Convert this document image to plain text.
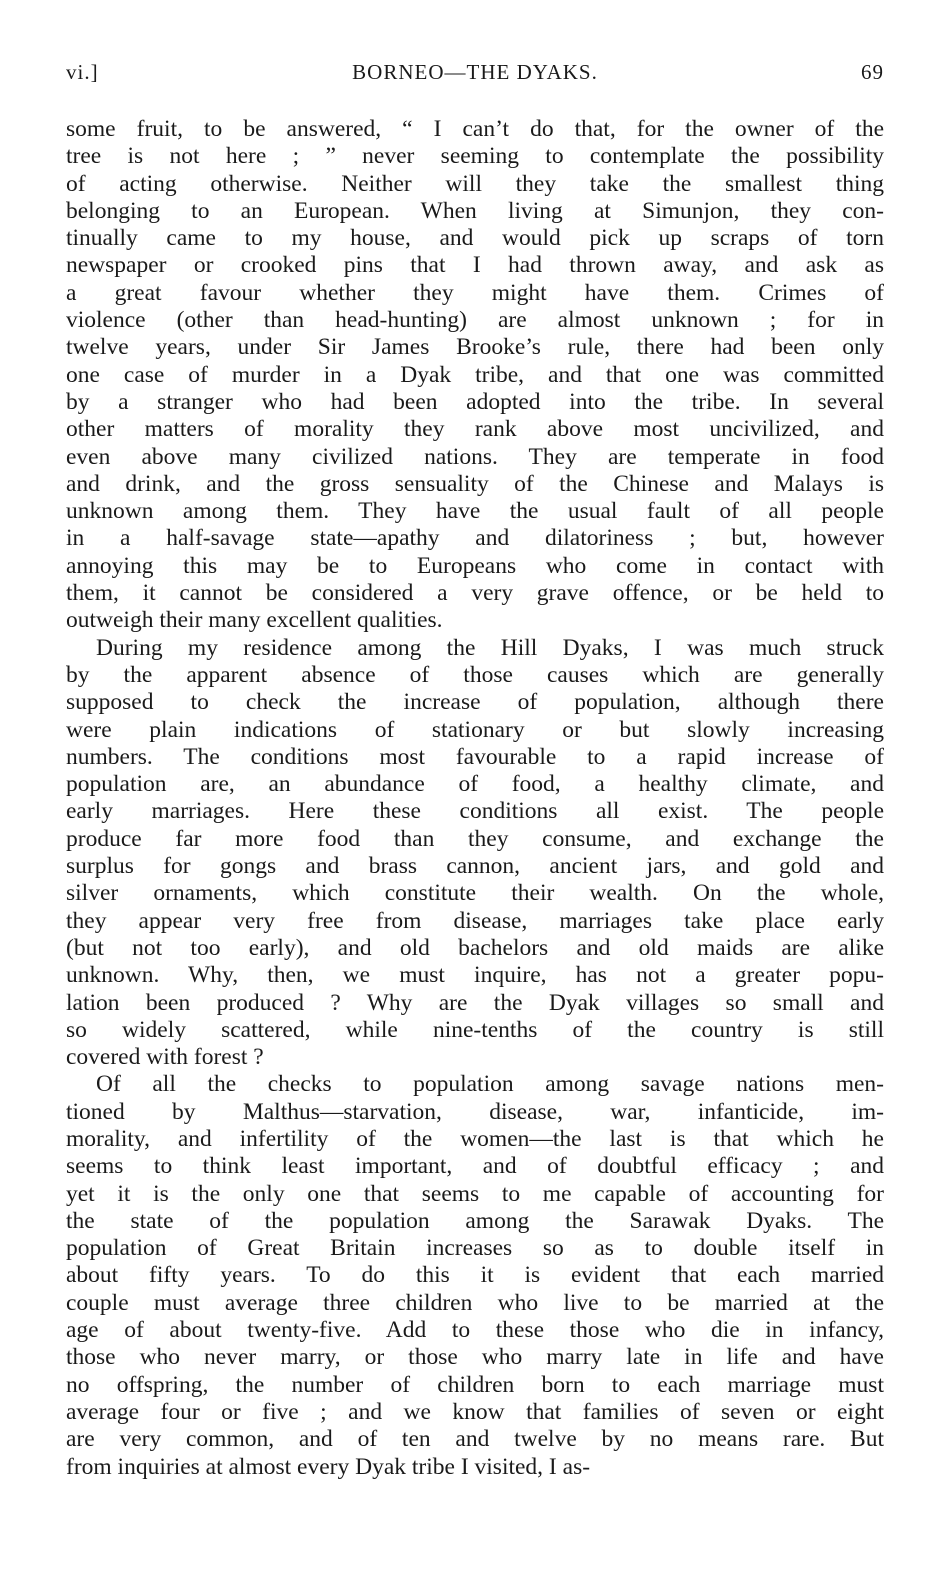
vi.]	BORNEO—THE DYAKS.	69
some fruit, to be answered, “ I can’t do that, for the owner of the
tree is not here ; ” never seeming to contemplate the possibility
of acting otherwise. Neither will they take the smallest thing
belonging to an European. When living at Simunjon, they con-
tinually came to my house, and would pick up scraps of torn
newspaper or crooked pins that I had thrown away, and ask as
a great favour whether they might have them. Crimes of
violence (other than head-hunting) are almost unknown ; for in
twelve years, under Sir James Brooke’s rule, there had been only
one case of murder in a Dyak tribe, and that one was committed
by a stranger who had been adopted into the tribe. In several
other matters of morality they rank above most uncivilized, and
even above many civilized nations. They are temperate in food
and drink, and the gross sensuality of the Chinese and Malays is
unknown among them. They have the usual fault of all people
in a half-savage state—apathy and dilatoriness ; but, however
annoying this may be to Europeans who come in contact with
them, it cannot be considered a very grave offence, or be held to
outweigh their many excellent qualities.
During my residence among the Hill Dyaks, I was much struck
by the apparent absence of those causes which are generally
supposed to check the increase of population, although there
were plain indications of stationary or but slowly increasing
numbers. The conditions most favourable to a rapid increase of
population are, an abundance of food, a healthy climate, and
early marriages. Here these conditions all exist. The people
produce far more food than they consume, and exchange the
surplus for gongs and brass cannon, ancient jars, and gold and
silver ornaments, which constitute their wealth. On the whole,
they appear very free from disease, marriages take place early
(but not too early), and old bachelors and old maids are alike
unknown. Why, then, we must inquire, has not a greater popu-
lation been produced ? Why are the Dyak villages so small and
so widely scattered, while nine-tenths of the country is still
covered with forest ?
Of all the checks to population among savage nations men-
tioned by Malthus—starvation, disease, war, infanticide, im-
morality, and infertility of the women—the last is that which he
seems to think least important, and of doubtful efficacy ; and
yet it is the only one that seems to me capable of accounting for
the state of the population among the Sarawak Dyaks. The
population of Great Britain increases so as to double itself in
about fifty years. To do this it is evident that each married
couple must average three children who live to be married at the
age of about twenty-five. Add to these those who die in infancy,
those who never marry, or those who marry late in life and have
no offspring, the number of children born to each marriage must
average four or five ; and we know that families of seven or eight
are very common, and of ten and twelve by no means rare. But
from inquiries at almost every Dyak tribe I visited, I as-
